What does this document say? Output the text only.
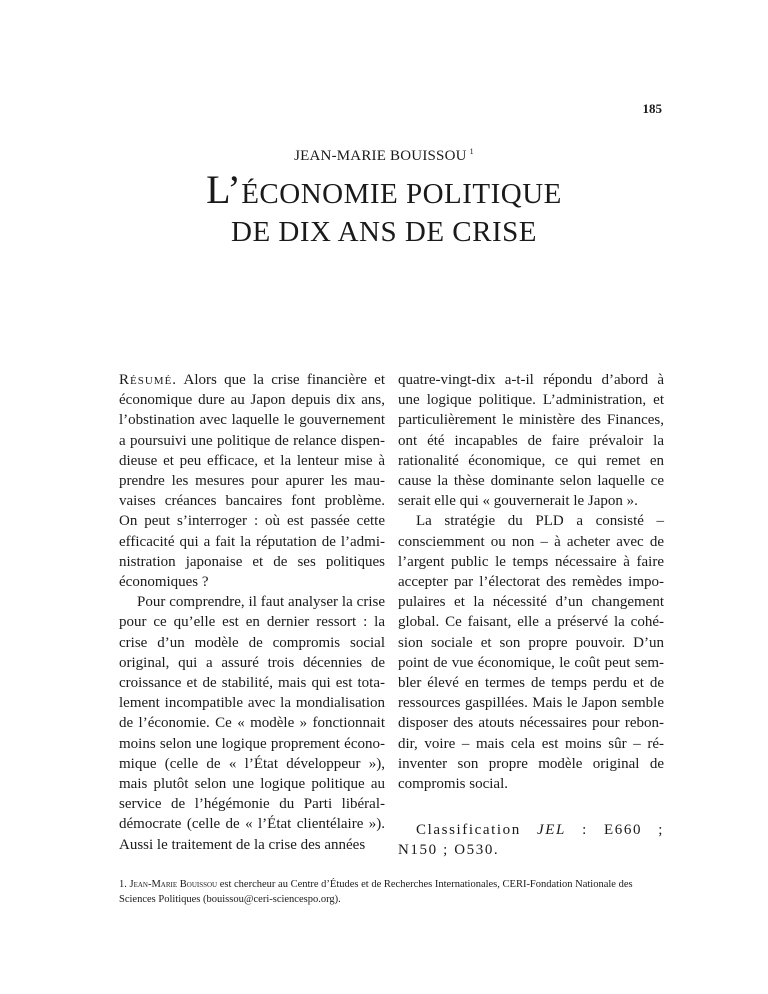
185
JEAN-MARIE BOUISSOU $^1$
L’ÉCONOMIE POLITIQUE
DE DIX ANS DE CRISE

Résumé. Alors que la crise financière et économique dure au Japon depuis dix ans, l’obstination avec laquelle le gouvernement a poursuivi une politique de relance dispendieuse et peu efficace, et la lenteur mise à prendre les mesures pour apurer les mauvaises créances bancaires font problème. On peut s’interroger : où est passée cette efficacité qui a fait la réputation de l’administration japonaise et de ses politiques économiques ?

Pour comprendre, il faut analyser la crise pour ce qu’elle est en dernier ressort : la crise d’un modèle de compromis social original, qui a assuré trois décennies de croissance et de stabilité, mais qui est totalement incompatible avec la mondialisation de l’économie. Ce « modèle » fonctionnait moins selon une logique proprement économique (celle de « l’État développeur »), mais plutôt selon une logique politique au service de l’hégémonie du Parti libéral-démocrate (celle de « l’État clientélaire »). Aussi le traitement de la crise des années

quatre-vingt-dix a-t-il répondu d’abord à une logique politique. L’administration, et particulièrement le ministère des Finances, ont été incapables de faire prévaloir la rationalité économique, ce qui remet en cause la thèse dominante selon laquelle ce serait elle qui « gouvernerait le Japon ».

La stratégie du PLD a consisté – consciemment ou non – à acheter avec de l’argent public le temps nécessaire à faire accepter par l’électorat des remèdes impopulaires et la nécessité d’un changement global. Ce faisant, elle a préservé la cohésion sociale et son propre pouvoir. D’un point de vue économique, le coût peut sembler élevé en termes de temps perdu et de ressources gaspillées. Mais le Japon semble disposer des atouts nécessaires pour rebondir, voire – mais cela est moins sûr – réinventer son propre modèle original de compromis social.

Classification JEL : E660 ; N150 ; O530.

1. Jean-Marie Bouissou est chercheur au Centre d’Études et de Recherches Internationales, CERI-Fondation Nationale des Sciences Politiques (bouissou@ceri-sciencespo.org).
